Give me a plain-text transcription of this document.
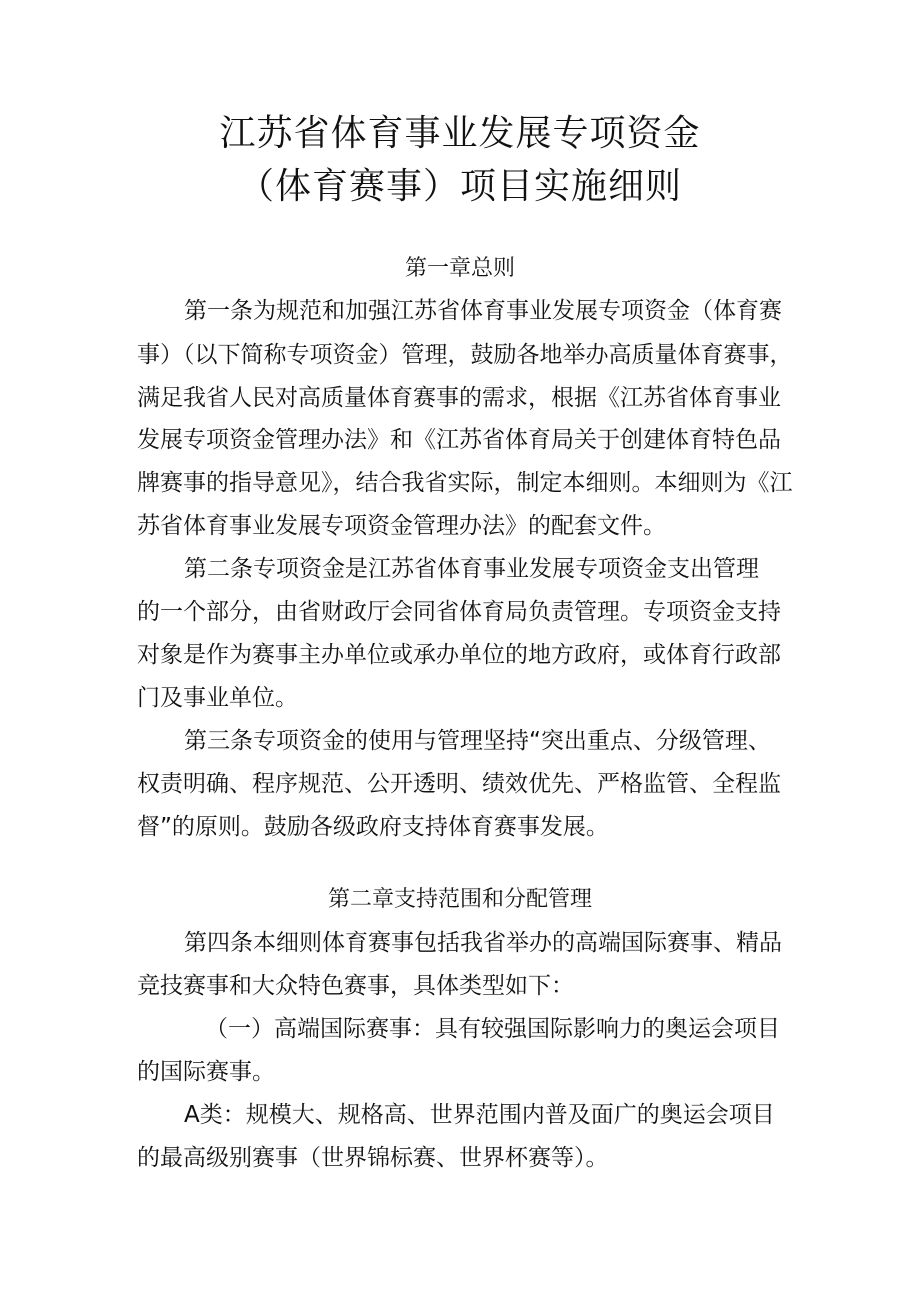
江苏省体育事业发展专项资金
（体育赛事）项目实施细则
第一章总则
第一条为规范和加强江苏省体育事业发展专项资金（体育赛
事）（以下简称专项资金）管理，鼓励各地举办高质量体育赛事，
满足我省人民对高质量体育赛事的需求，根据《江苏省体育事业
发展专项资金管理办法》和《江苏省体育局关于创建体育特色品
牌赛事的指导意见》，结合我省实际，制定本细则。本细则为《江
苏省体育事业发展专项资金管理办法》的配套文件。
第二条专项资金是江苏省体育事业发展专项资金支出管理
的一个部分，由省财政厅会同省体育局负责管理。专项资金支持
对象是作为赛事主办单位或承办单位的地方政府，或体育行政部
门及事业单位。
第三条专项资金的使用与管理坚持“突出重点、分级管理、
权责明确、程序规范、公开透明、绩效优先、严格监管、全程监
督”的原则。鼓励各级政府支持体育赛事发展。
第二章支持范围和分配管理
第四条本细则体育赛事包括我省举办的高端国际赛事、精品
竞技赛事和大众特色赛事，具体类型如下：
（一）高端国际赛事：具有较强国际影响力的奥运会项目
的国际赛事。
A类：规模大、规格高、世界范围内普及面广的奥运会项目
的最高级别赛事（世界锦标赛、世界杯赛等）。
